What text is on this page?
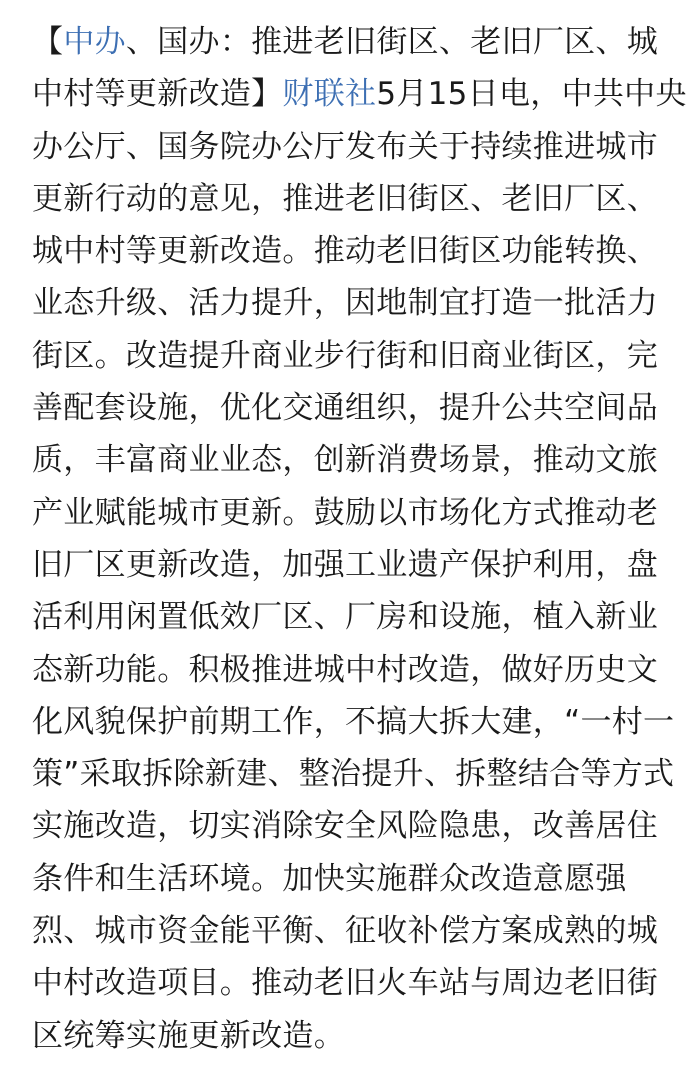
【中办、国办：推进老旧街区、老旧厂区、城

中村等更新改造】财联社5月15日电，中共中央

办公厅、国务院办公厅发布关于持续推进城市

更新行动的意见，推进老旧街区、老旧厂区、

城中村等更新改造。推动老旧街区功能转换、

业态升级、活力提升，因地制宜打造一批活力

街区。改造提升商业步行街和旧商业街区，完

善配套设施，优化交通组织，提升公共空间品

质，丰富商业业态，创新消费场景，推动文旅

产业赋能城市更新。鼓励以市场化方式推动老

旧厂区更新改造，加强工业遗产保护利用，盘

活利用闲置低效厂区、厂房和设施，植入新业

态新功能。积极推进城中村改造，做好历史文

化风貌保护前期工作，不搞大拆大建，“一村一

策”采取拆除新建、整治提升、拆整结合等方式

实施改造，切实消除安全风险隐患，改善居住

条件和生活环境。加快实施群众改造意愿强

烈、城市资金能平衡、征收补偿方案成熟的城

中村改造项目。推动老旧火车站与周边老旧街

区统筹实施更新改造。
